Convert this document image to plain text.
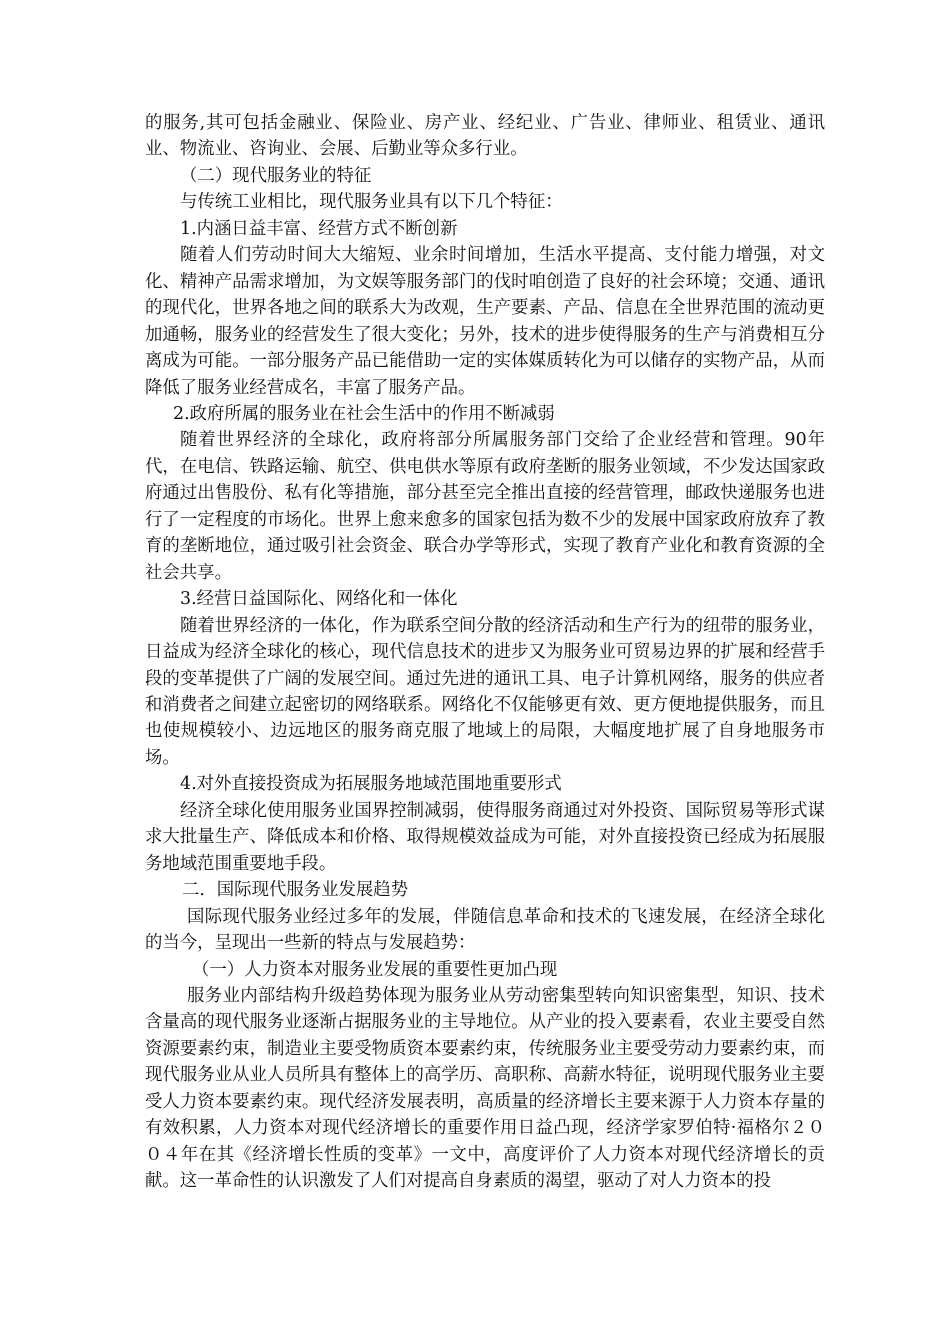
的服务,其可包括金融业、保险业、房产业、经纪业、广告业、律师业、租赁业、通讯业、物流业、咨询业、会展、后勤业等众多行业。

（二）现代服务业的特征

与传统工业相比，现代服务业具有以下几个特征：

1.内涵日益丰富、经营方式不断创新

随着人们劳动时间大大缩短、业余时间增加，生活水平提高、支付能力增强，对文化、精神产品需求增加，为文娱等服务部门的伐时咱创造了良好的社会环境；交通、通讯的现代化，世界各地之间的联系大为改观，生产要素、产品、信息在全世界范围的流动更加通畅，服务业的经营发生了很大变化；另外，技术的进步使得服务的生产与消费相互分离成为可能。一部分服务产品已能借助一定的实体媒质转化为可以储存的实物产品，从而降低了服务业经营成名，丰富了服务产品。

2.政府所属的服务业在社会生活中的作用不断减弱

随着世界经济的全球化，政府将部分所属服务部门交给了企业经营和管理。90年代，在电信、铁路运输、航空、供电供水等原有政府垄断的服务业领域，不少发达国家政府通过出售股份、私有化等措施，部分甚至完全推出直接的经营管理，邮政快递服务也进行了一定程度的市场化。世界上愈来愈多的国家包括为数不少的发展中国家政府放弃了教育的垄断地位，通过吸引社会资金、联合办学等形式，实现了教育产业化和教育资源的全社会共享。

3.经营日益国际化、网络化和一体化

随着世界经济的一体化，作为联系空间分散的经济活动和生产行为的纽带的服务业，日益成为经济全球化的核心，现代信息技术的进步又为服务业可贸易边界的扩展和经营手段的变革提供了广阔的发展空间。通过先进的通讯工具、电子计算机网络，服务的供应者和消费者之间建立起密切的网络联系。网络化不仅能够更有效、更方便地提供服务，而且也使规模较小、边远地区的服务商克服了地域上的局限，大幅度地扩展了自身地服务市场。

4.对外直接投资成为拓展服务地域范围地重要形式

经济全球化使用服务业国界控制减弱，使得服务商通过对外投资、国际贸易等形式谋求大批量生产、降低成本和价格、取得规模效益成为可能，对外直接投资已经成为拓展服务地域范围重要地手段。

二．国际现代服务业发展趋势

国际现代服务业经过多年的发展，伴随信息革命和技术的飞速发展，在经济全球化的当今，呈现出一些新的特点与发展趋势：

（一）人力资本对服务业发展的重要性更加凸现

服务业内部结构升级趋势体现为服务业从劳动密集型转向知识密集型，知识、技术含量高的现代服务业逐渐占据服务业的主导地位。从产业的投入要素看，农业主要受自然资源要素约束，制造业主要受物质资本要素约束，传统服务业主要受劳动力要素约束，而现代服务业从业人员所具有整体上的高学历、高职称、高薪水特征，说明现代服务业主要受人力资本要素约束。现代经济发展表明，高质量的经济增长主要来源于人力资本存量的有效积累，人力资本对现代经济增长的重要作用日益凸现，经济学家罗伯特·福格尔２００４年在其《经济增长性质的变革》一文中，高度评价了人力资本对现代经济增长的贡献。这一革命性的认识激发了人们对提高自身素质的渴望，驱动了对人力资本的投
